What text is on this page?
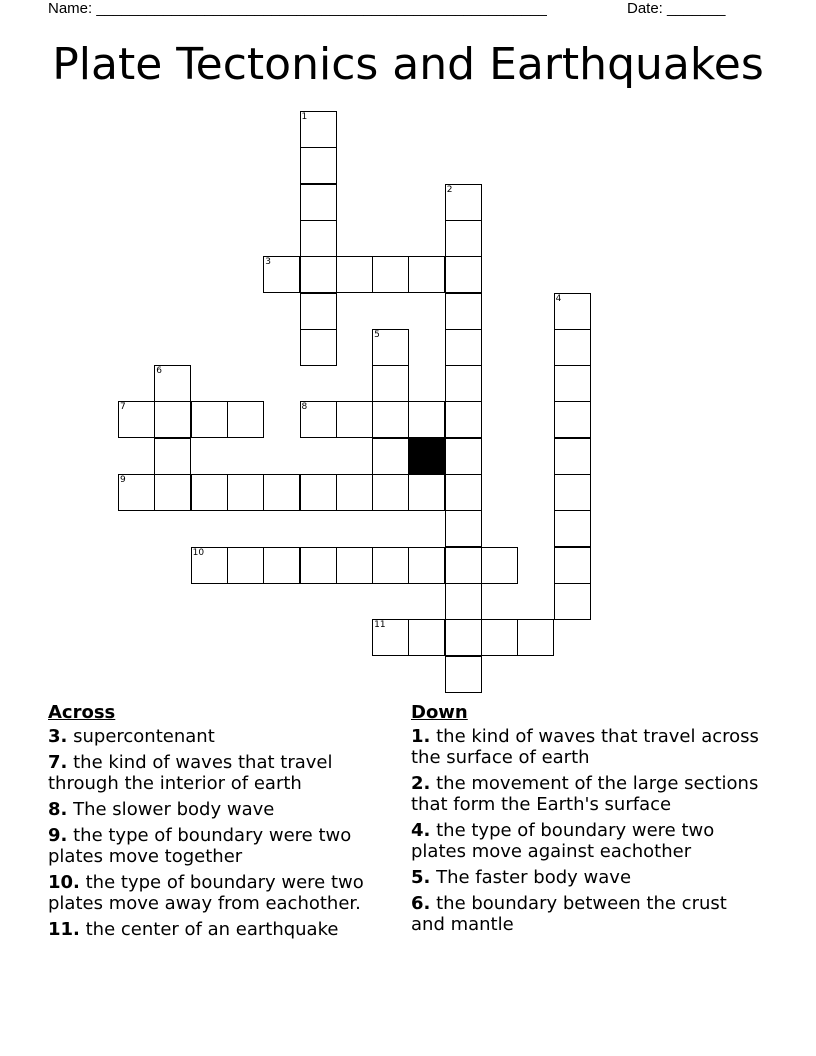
Name: ______________________________________________________	Date: _______
Plate Tectonics and Earthquakes
1
2
3
4
5
6
7	8
9
10
11
Across
3. supercontenant
7. the kind of waves that travel through the interior of earth
8. The slower body wave
9. the type of boundary were two plates move together
10. the type of boundary were two plates move away from eachother.
11. the center of an earthquake
Down
1. the kind of waves that travel across the surface of earth
2. the movement of the large sections that form the Earth's surface
4. the type of boundary were two plates move against eachother
5. The faster body wave
6. the boundary between the crust and mantle
